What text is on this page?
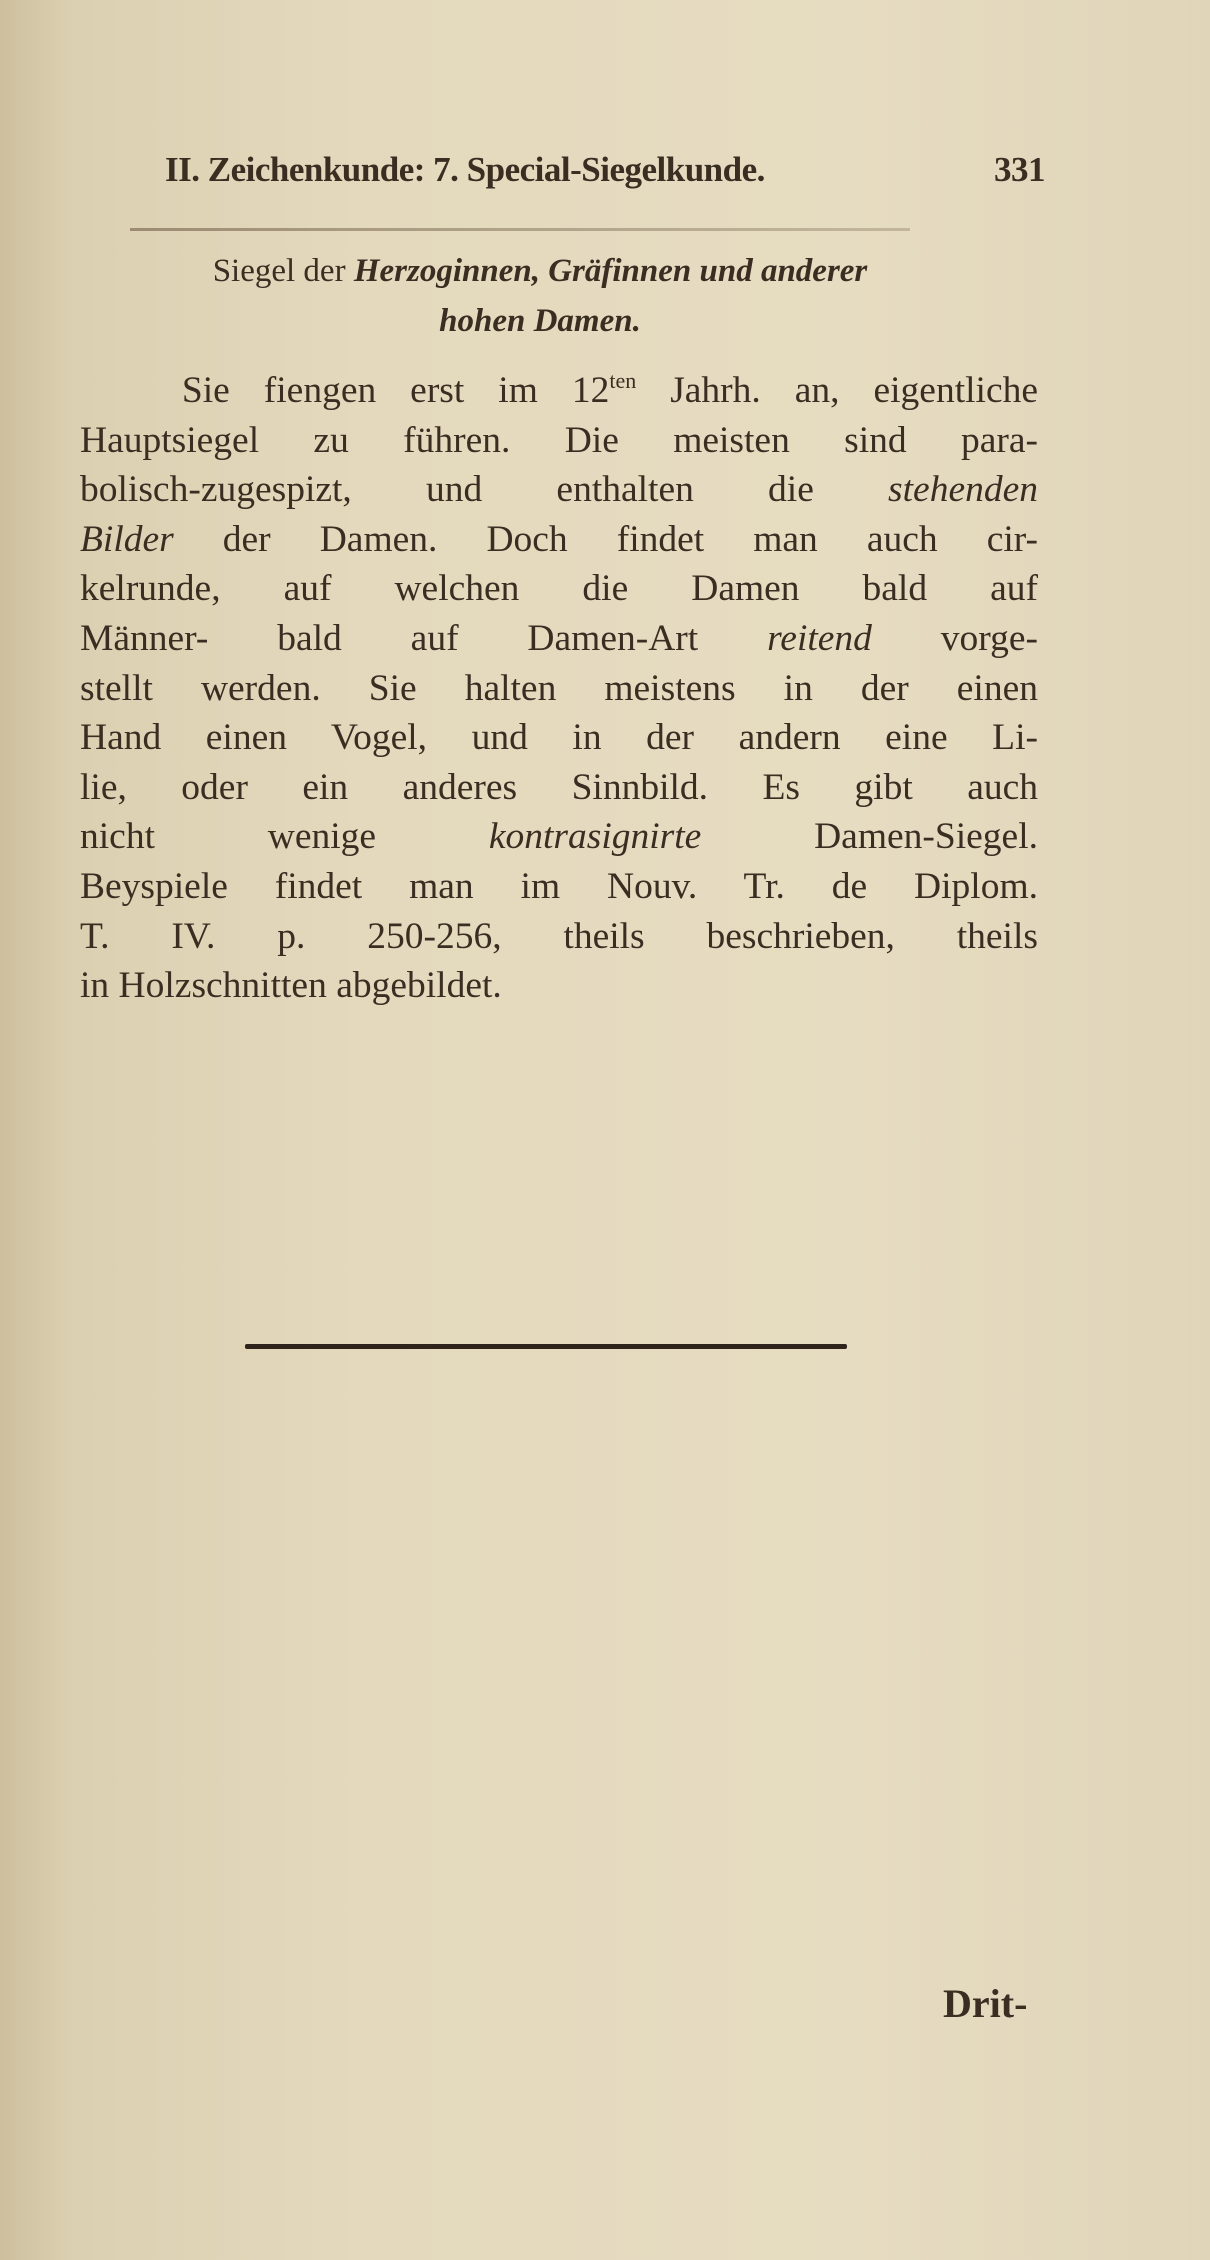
II. Zeichenkunde: 7. Special-Siegelkunde.	331
Siegel der Herzoginnen, Gräfinnen und anderer
hohen Damen.
Sie fiengen erst im $12^{ten}$ Jahrh. an, eigentliche
Hauptsiegel zu führen. Die meisten sind para-
bolisch-zugespizt, und enthalten die stehenden
Bilder der Damen. Doch findet man auch cir-
kelrunde, auf welchen die Damen bald auf
Männer- bald auf Damen-Art reitend vorge-
stellt werden. Sie halten meistens in der einen
Hand einen Vogel, und in der andern eine Li-
lie, oder ein anderes Sinnbild. Es gibt auch
nicht wenige kontrasignirte Damen-Siegel.
Beyspiele findet man im Nouv. Tr. de Diplom.
T. IV. p. 250-256, theils beschrieben, theils
in Holzschnitten abgebildet.
Drit-
